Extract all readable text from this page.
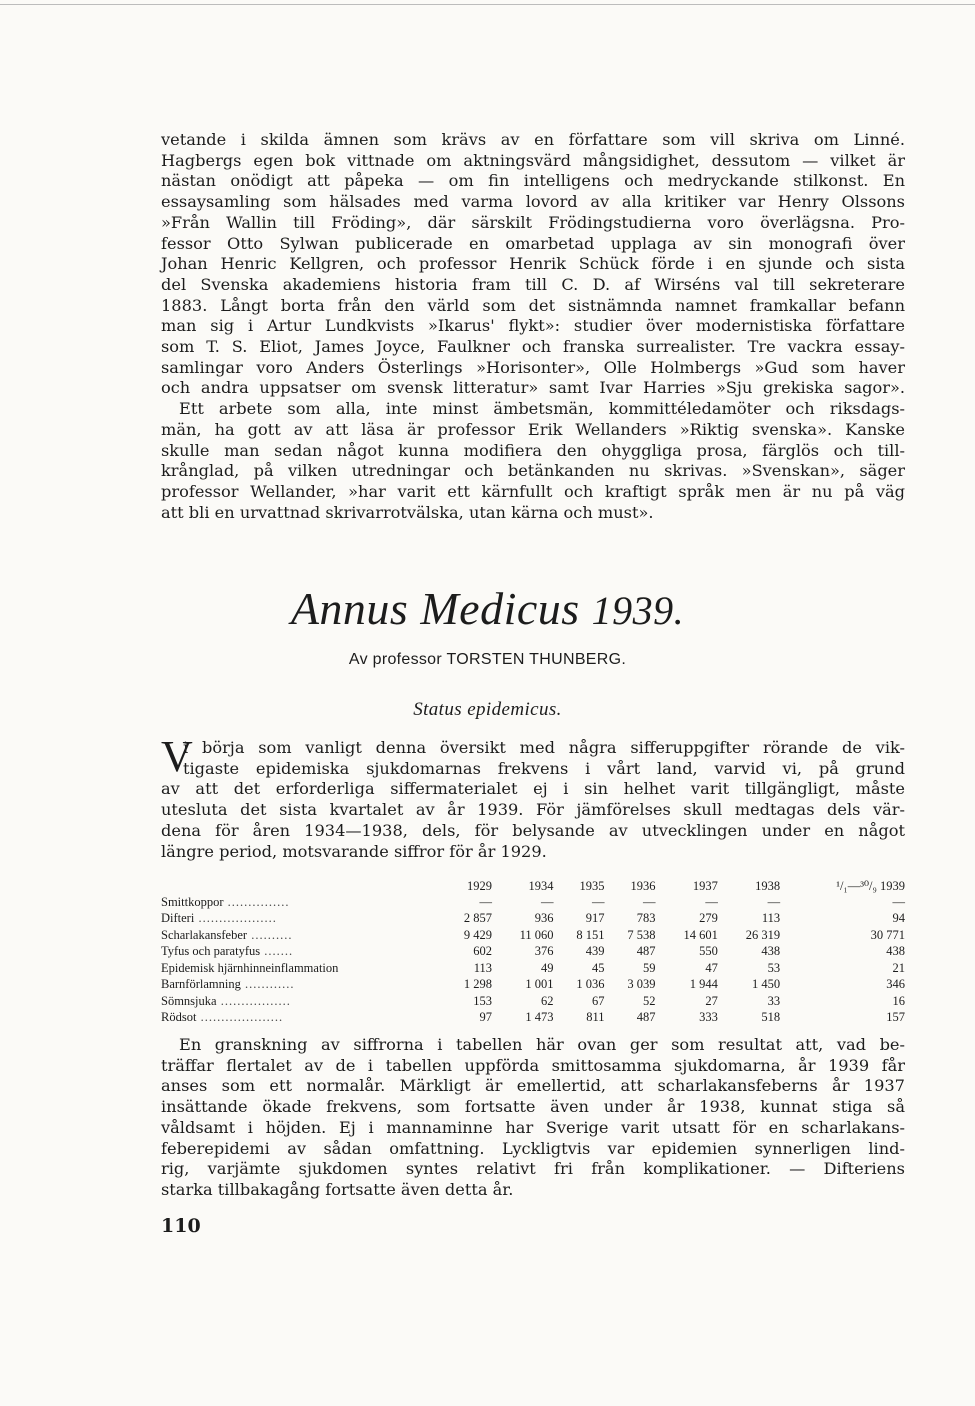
vetande i skilda ämnen som krävs av en författare som vill skriva om Linné.
Hagbergs egen bok vittnade om aktningsvärd mångsidighet, dessutom — vilket är
nästan onödigt att påpeka — om fin intelligens och medryckande stilkonst. En
essaysamling som hälsades med varma lovord av alla kritiker var Henry Olssons
»Från Wallin till Fröding», där särskilt Frödingstudierna voro överlägsna. Pro-
fessor Otto Sylwan publicerade en omarbetad upplaga av sin monografi över
Johan Henric Kellgren, och professor Henrik Schück förde i en sjunde och sista
del Svenska akademiens historia fram till C. D. af Wirséns val till sekreterare
1883. Långt borta från den värld som det sistnämnda namnet framkallar befann
man sig i Artur Lundkvists »Ikarus' flykt»: studier över modernistiska författare
som T. S. Eliot, James Joyce, Faulkner och franska surrealister. Tre vackra essay-
samlingar voro Anders Österlings »Horisonter», Olle Holmbergs »Gud som haver
och andra uppsatser om svensk litteratur» samt Ivar Harries »Sju grekiska sagor».
Ett arbete som alla, inte minst ämbetsmän, kommittéledamöter och riksdags-
män, ha gott av att läsa är professor Erik Wellanders »Riktig svenska». Kanske
skulle man sedan något kunna modifiera den ohyggliga prosa, färglös och till-
krånglad, på vilken utredningar och betänkanden nu skrivas. »Svenskan», säger
professor Wellander, »har varit ett kärnfullt och kraftigt språk men är nu på väg
att bli en urvattnad skrivarrotvälska, utan kärna och must».
Annus Medicus 1939.
Av professor TORSTEN THUNBERG.
Status epidemicus.
V
i börja som vanligt denna översikt med några sifferuppgifter rörande de vik-
tigaste epidemiska sjukdomarnas frekvens i vårt land, varvid vi, på grund
av att det erforderliga siffermaterialet ej i sin helhet varit tillgängligt, måste
utesluta det sista kvartalet av år 1939. För jämförelses skull medtagas dels vär-
dena för åren 1934—1938, dels, för belysande av utvecklingen under en något
längre period, motsvarande siffror för år 1929.
	1929	1934	1935	1936	1937	1938	¹/₁—³⁰/₉ 1939
Smittkoppor ...............	—	—	—	—	—	—	—
Difteri ...................	2 857	936	917	783	279	113	94
Scharlakansfeber ..........	9 429	11 060	8 151	7 538	14 601	26 319	30 771
Tyfus och paratyfus .......	602	376	439	487	550	438	438
Epidemisk hjärnhinneinflammation	113	49	45	59	47	53	21
Barnförlamning ............	1 298	1 001	1 036	3 039	1 944	1 450	346
Sömnsjuka .................	153	62	67	52	27	33	16
Rödsot ....................	97	1 473	811	487	333	518	157
En granskning av siffrorna i tabellen här ovan ger som resultat att, vad be-
träffar flertalet av de i tabellen uppförda smittosamma sjukdomarna, år 1939 får
anses som ett normalår. Märkligt är emellertid, att scharlakansfeberns år 1937
insättande ökade frekvens, som fortsatte även under år 1938, kunnat stiga så
våldsamt i höjden. Ej i mannaminne har Sverige varit utsatt för en scharlakans-
feberepidemi av sådan omfattning. Lyckligtvis var epidemien synnerligen lind-
rig, varjämte sjukdomen syntes relativt fri från komplikationer. — Difteriens
starka tillbakagång fortsatte även detta år.
110
